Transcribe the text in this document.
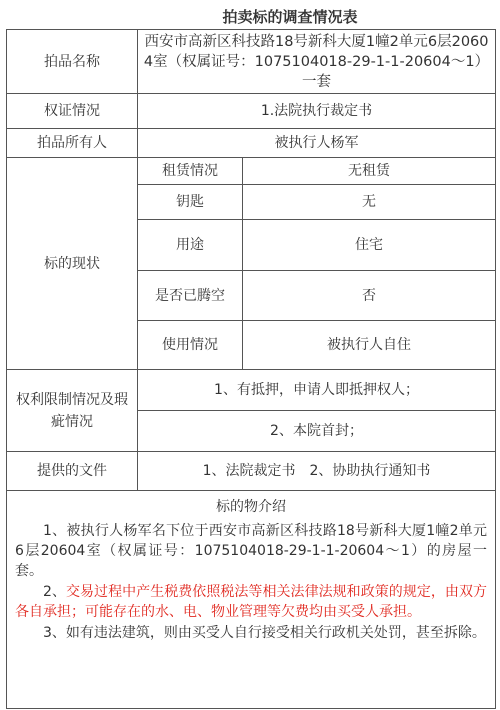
拍卖标的调查情况表
拍品名称	西安市高新区科技路18号新科大厦1幢2单元6层20604室（权属证号：1075104018-29-1-1-20604～1）一套	
权证情况	1.法院执行裁定书	
拍品所有人	被执行人杨军	
标的现状	租赁情况	无租赁
	钥匙	无
	用途	住宅
	是否已腾空	否
	使用情况	被执行人自住
权利限制情况及瑕疵情况	1、有抵押，申请人即抵押权人；	
	2、本院首封；	
提供的文件	1、法院裁定书　2、协助执行通知书	

标的物介绍

1、被执行人杨军名下位于西安市高新区科技路18号新科大厦1幢2单元6层20604室（权属证号：1075104018-29-1-1-20604～1）的房屋一套。

2、交易过程中产生税费依照税法等相关法律法规和政策的规定，由双方各自承担；可能存在的水、电、物业管理等欠费均由买受人承担。

3、如有违法建筑，则由买受人自行接受相关行政机关处罚，甚至拆除。		
